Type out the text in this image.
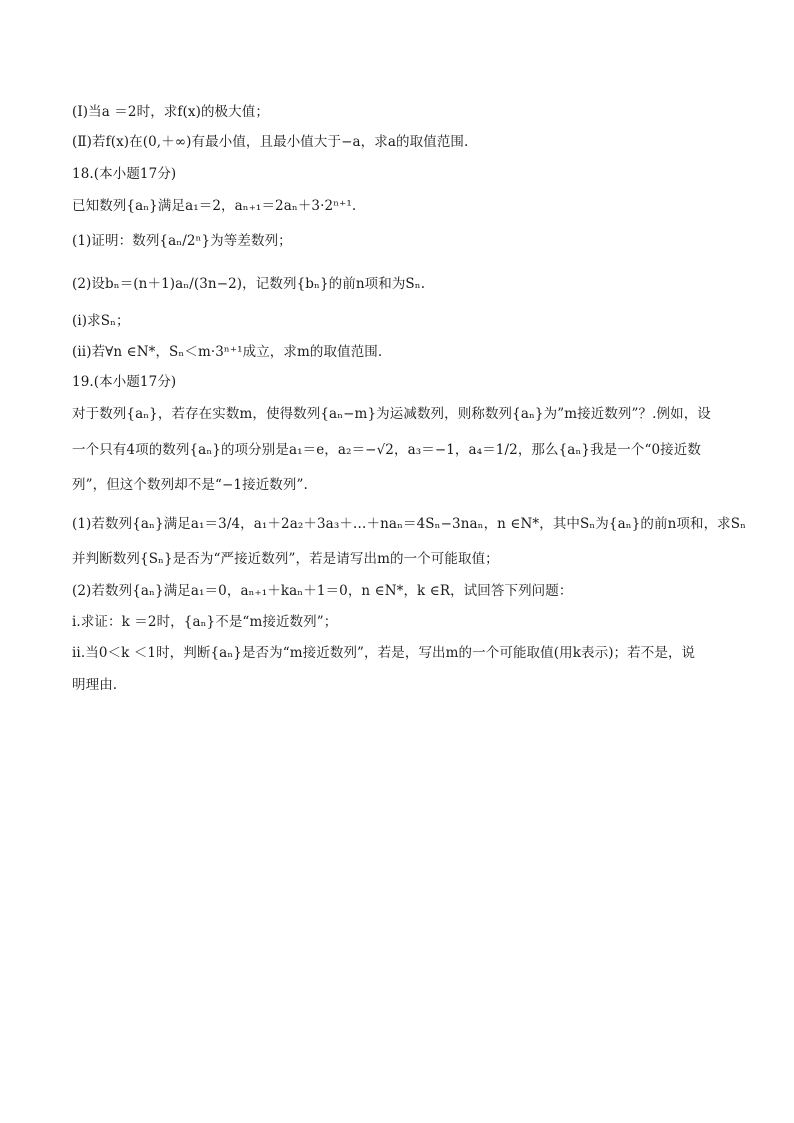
(Ⅰ)当a ＝2时，求f(x)的极大值；
(Ⅱ)若f(x)在(0,＋∞)有最小值，且最小值大于−a，求a的取值范围.
18.(本小题17分)
已知数列{aₙ}满足a₁＝2，aₙ₊₁＝2aₙ＋3·2ⁿ⁺¹.
(1)证明：数列{aₙ/2ⁿ}为等差数列；
(2)设bₙ＝(n＋1)aₙ/(3n−2)，记数列{bₙ}的前n项和为Sₙ.
(i)求Sₙ；
(ii)若∀n ∈N*，Sₙ＜m·3ⁿ⁺¹成立，求m的取值范围.
19.(本小题17分)
对于数列{aₙ}，若存在实数m，使得数列{aₙ−m}为运减数列，则称数列{aₙ}为”m接近数列”？.例如，设
一个只有4项的数列{aₙ}的项分别是a₁＝e，a₂＝−√2，a₃＝−1，a₄＝1/2，那么{aₙ}我是一个“0接近数
列”，但这个数列却不是“−1接近数列”.
(1)若数列{aₙ}满足a₁＝3/4，a₁＋2a₂＋3a₃＋…＋naₙ＝4Sₙ−3naₙ，n ∈N*，其中Sₙ为{aₙ}的前n项和，求Sₙ
并判断数列{Sₙ}是否为“严接近数列”，若是请写出m的一个可能取值；
(2)若数列{aₙ}满足a₁＝0，aₙ₊₁＋kaₙ＋1＝0，n ∈N*，k ∈R，试回答下列问题：
i.求证：k ＝2时，{aₙ}不是“m接近数列”；
ii.当0＜k ＜1时，判断{aₙ}是否为“m接近数列”，若是，写出m的一个可能取值(用k表示)；若不是，说
明理由.
